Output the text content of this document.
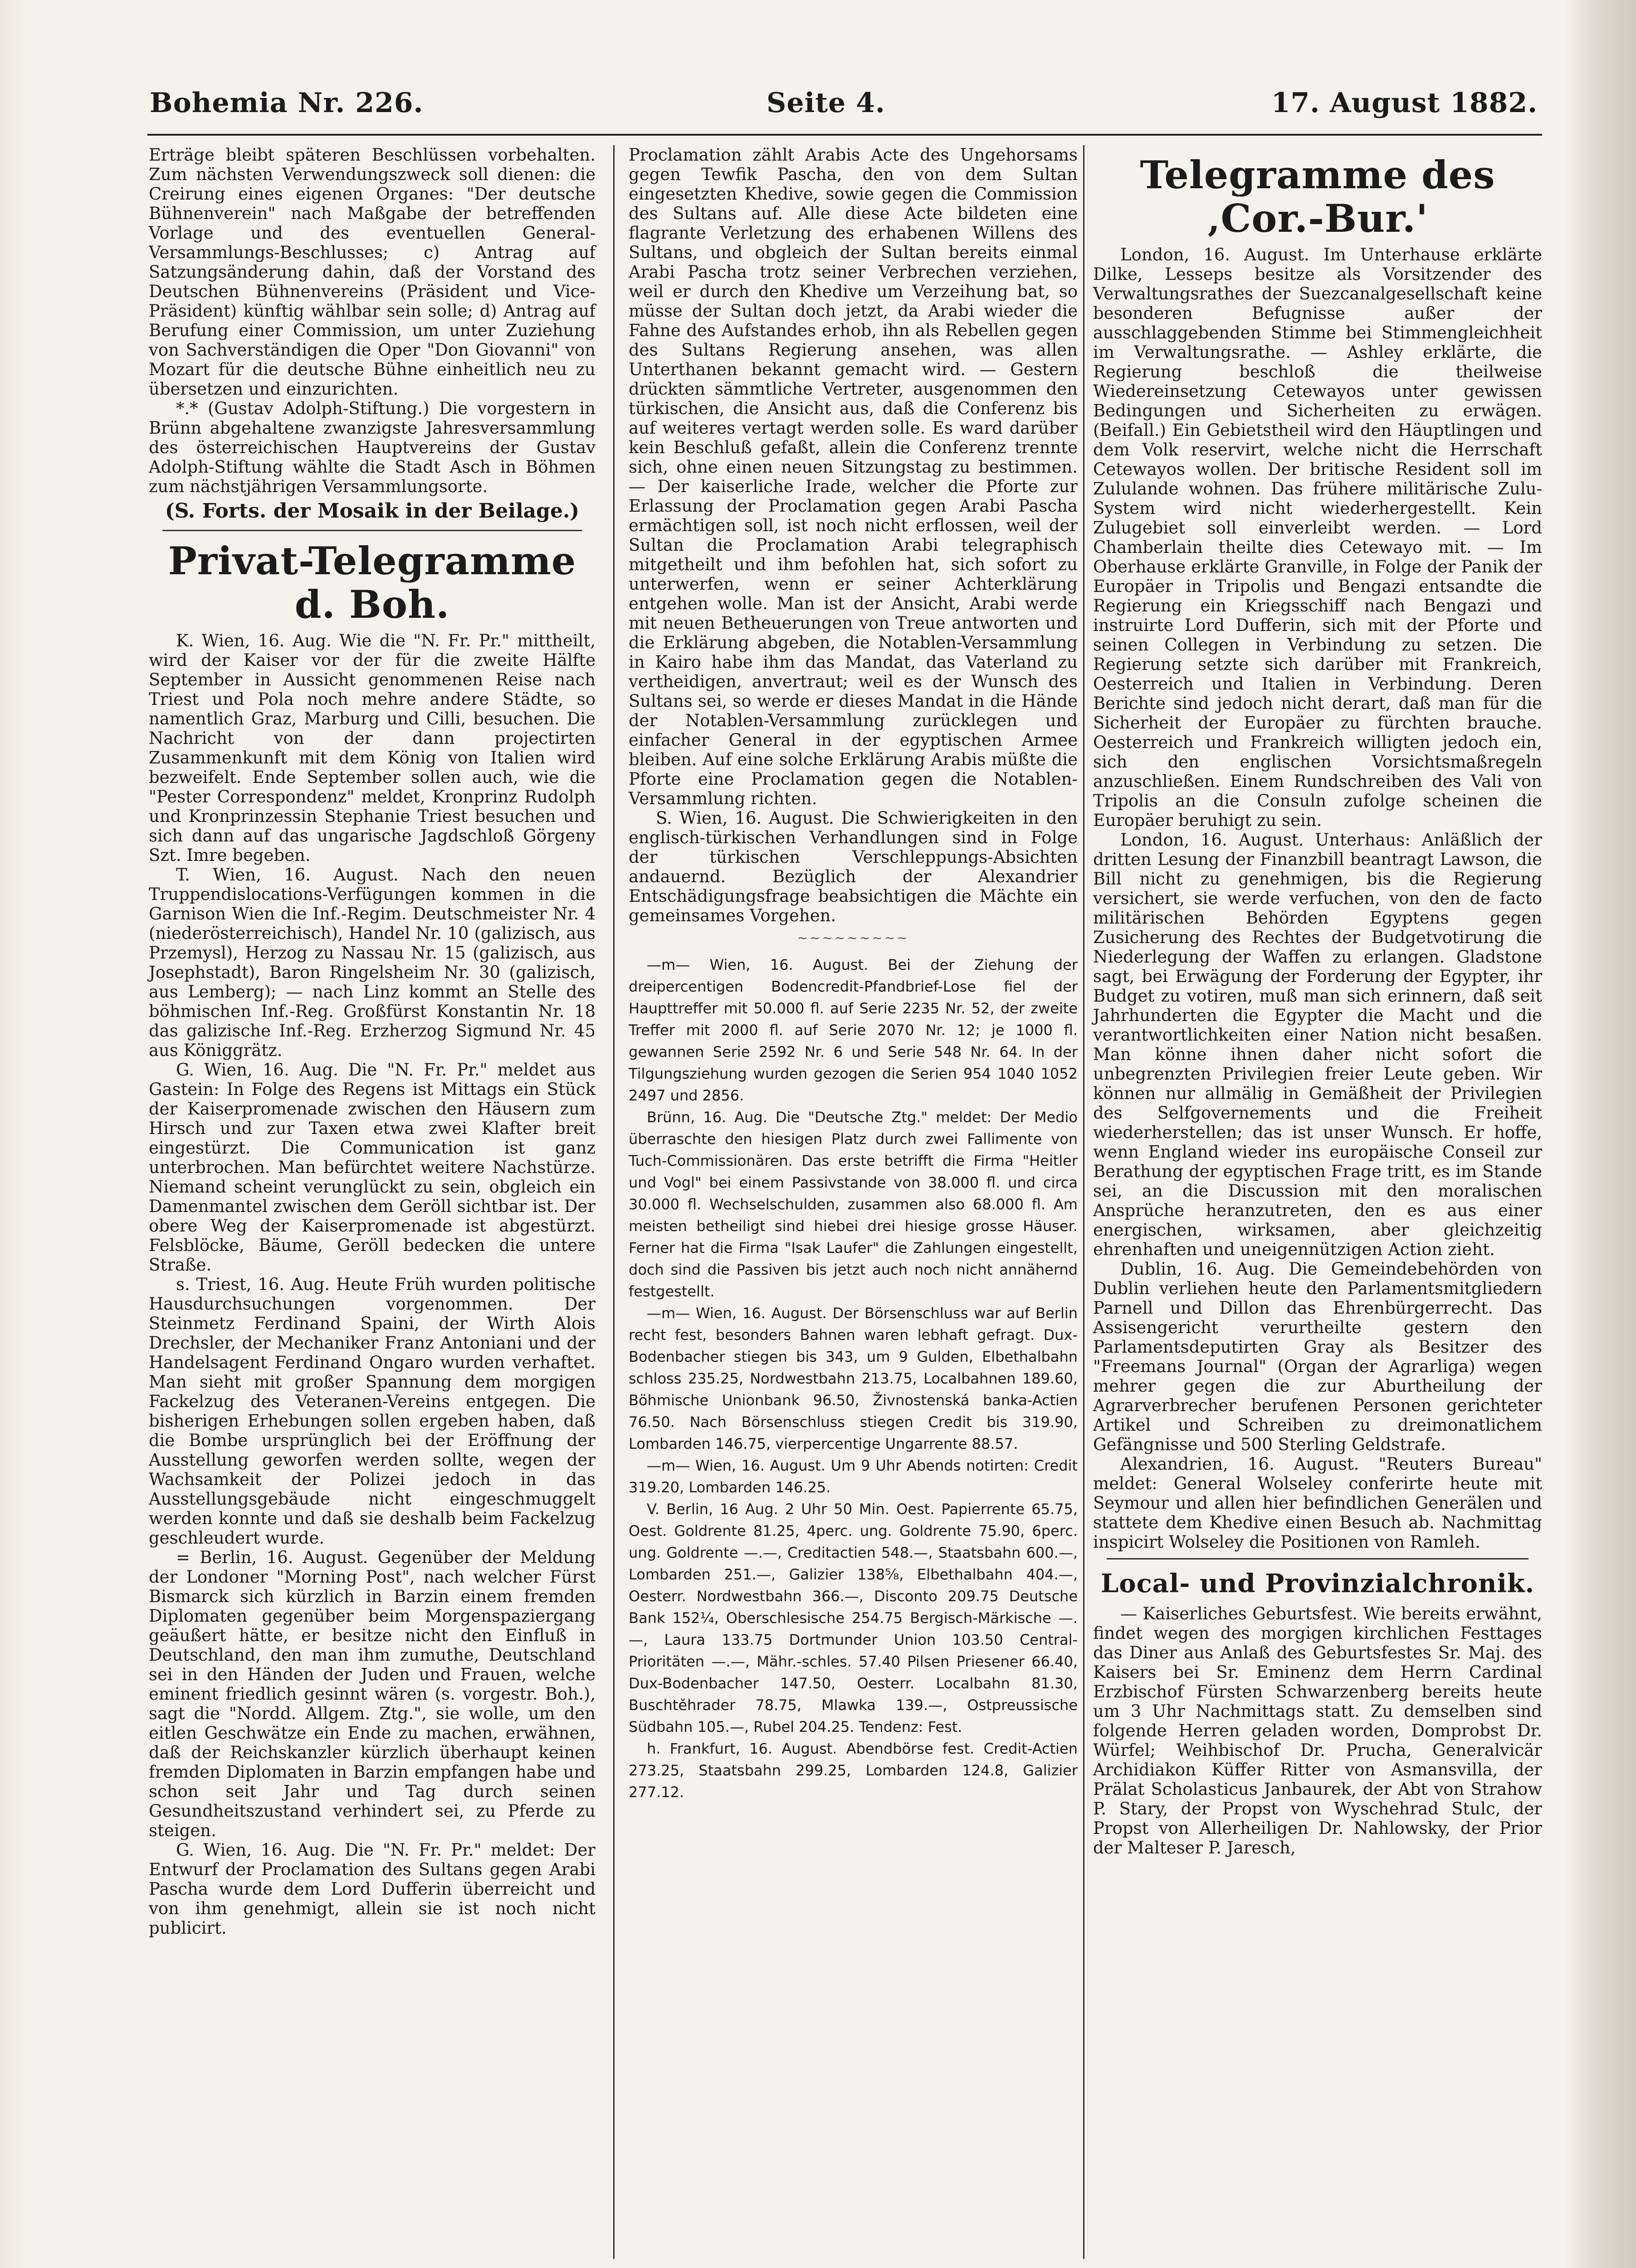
Bohemia Nr. 226.	Seite 4.	17. August 1882.

Erträge bleibt späteren Beschlüssen vorbehalten. Zum nächsten Verwendungszweck soll dienen: die Creirung eines eigenen Organes: "Der deutsche Bühnenverein" nach Maßgabe der betreffenden Vorlage und des eventuellen General-Versammlungs-Beschlusses; c) Antrag auf Satzungsänderung dahin, daß der Vorstand des Deutschen Bühnenvereins (Präsident und Vice-Präsident) künftig wählbar sein solle; d) Antrag auf Berufung einer Commission, um unter Zuziehung von Sachverständigen die Oper "Don Giovanni" von Mozart für die deutsche Bühne einheitlich neu zu übersetzen und einzurichten.

*.* (Gustav Adolph-Stiftung.) Die vorgestern in Brünn abgehaltene zwanzigste Jahresversammlung des österreichischen Hauptvereins der Gustav Adolph-Stiftung wählte die Stadt Asch in Böhmen zum nächstjährigen Versammlungsorte.

(S. Forts. der Mosaik in der Beilage.)
Privat-Telegramme d. Boh.

K. Wien, 16. Aug. Wie die "N. Fr. Pr." mittheilt, wird der Kaiser vor der für die zweite Hälfte September in Aussicht genommenen Reise nach Triest und Pola noch mehre andere Städte, so namentlich Graz, Marburg und Cilli, besuchen. Die Nachricht von der dann projectirten Zusammenkunft mit dem König von Italien wird bezweifelt. Ende September sollen auch, wie die "Pester Correspondenz" meldet, Kronprinz Rudolph und Kronprinzessin Stephanie Triest besuchen und sich dann auf das ungarische Jagdschloß Görgeny Szt. Imre begeben.

T. Wien, 16. August. Nach den neuen Truppendislocations-Verfügungen kommen in die Garnison Wien die Inf.-Regim. Deutschmeister Nr. 4 (niederösterreichisch), Handel Nr. 10 (galizisch, aus Przemysl), Herzog zu Nassau Nr. 15 (galizisch, aus Josephstadt), Baron Ringelsheim Nr. 30 (galizisch, aus Lemberg); — nach Linz kommt an Stelle des böhmischen Inf.-Reg. Großfürst Konstantin Nr. 18 das galizische Inf.-Reg. Erzherzog Sigmund Nr. 45 aus Königgrätz.

G. Wien, 16. Aug. Die "N. Fr. Pr." meldet aus Gastein: In Folge des Regens ist Mittags ein Stück der Kaiserpromenade zwischen den Häusern zum Hirsch und zur Taxen etwa zwei Klafter breit eingestürzt. Die Communication ist ganz unterbrochen. Man befürchtet weitere Nachstürze. Niemand scheint verunglückt zu sein, obgleich ein Damenmantel zwischen dem Geröll sichtbar ist. Der obere Weg der Kaiserpromenade ist abgestürzt. Felsblöcke, Bäume, Geröll bedecken die untere Straße.

s. Triest, 16. Aug. Heute Früh wurden politische Hausdurchsuchungen vorgenommen. Der Steinmetz Ferdinand Spaini, der Wirth Alois Drechsler, der Mechaniker Franz Antoniani und der Handelsagent Ferdinand Ongaro wurden verhaftet. Man sieht mit großer Spannung dem morgigen Fackelzug des Veteranen-Vereins entgegen. Die bisherigen Erhebungen sollen ergeben haben, daß die Bombe ursprünglich bei der Eröffnung der Ausstellung geworfen werden sollte, wegen der Wachsamkeit der Polizei jedoch in das Ausstellungsgebäude nicht eingeschmuggelt werden konnte und daß sie deshalb beim Fackelzug geschleudert wurde.

= Berlin, 16. August. Gegenüber der Meldung der Londoner "Morning Post", nach welcher Fürst Bismarck sich kürzlich in Barzin einem fremden Diplomaten gegenüber beim Morgenspaziergang geäußert hätte, er besitze nicht den Einfluß in Deutschland, den man ihm zumuthe, Deutschland sei in den Händen der Juden und Frauen, welche eminent friedlich gesinnt wären (s. vorgestr. Boh.), sagt die "Nordd. Allgem. Ztg.", sie wolle, um den eitlen Geschwätze ein Ende zu machen, erwähnen, daß der Reichskanzler kürzlich überhaupt keinen fremden Diplomaten in Barzin empfangen habe und schon seit Jahr und Tag durch seinen Gesundheitszustand verhindert sei, zu Pferde zu steigen.

G. Wien, 16. Aug. Die "N. Fr. Pr." meldet: Der Entwurf der Proclamation des Sultans gegen Arabi Pascha wurde dem Lord Dufferin überreicht und von ihm genehmigt, allein sie ist noch nicht publicirt.

Proclamation zählt Arabis Acte des Ungehorsams gegen Tewfik Pascha, den von dem Sultan eingesetzten Khedive, sowie gegen die Commission des Sultans auf. Alle diese Acte bildeten eine flagrante Verletzung des erhabenen Willens des Sultans, und obgleich der Sultan bereits einmal Arabi Pascha trotz seiner Verbrechen verziehen, weil er durch den Khedive um Verzeihung bat, so müsse der Sultan doch jetzt, da Arabi wieder die Fahne des Aufstandes erhob, ihn als Rebellen gegen des Sultans Regierung ansehen, was allen Unterthanen bekannt gemacht wird. — Gestern drückten sämmtliche Vertreter, ausgenommen den türkischen, die Ansicht aus, daß die Conferenz bis auf weiteres vertagt werden solle. Es ward darüber kein Beschluß gefaßt, allein die Conferenz trennte sich, ohne einen neuen Sitzungstag zu bestimmen. — Der kaiserliche Irade, welcher die Pforte zur Erlassung der Proclamation gegen Arabi Pascha ermächtigen soll, ist noch nicht erflossen, weil der Sultan die Proclamation Arabi telegraphisch mitgetheilt und ihm befohlen hat, sich sofort zu unterwerfen, wenn er seiner Achterklärung entgehen wolle. Man ist der Ansicht, Arabi werde mit neuen Betheuerungen von Treue antworten und die Erklärung abgeben, die Notablen-Versammlung in Kairo habe ihm das Mandat, das Vaterland zu vertheidigen, anvertraut; weil es der Wunsch des Sultans sei, so werde er dieses Mandat in die Hände der Notablen-Versammlung zurücklegen und einfacher General in der egyptischen Armee bleiben. Auf eine solche Erklärung Arabis müßte die Pforte eine Proclamation gegen die Notablen-Versammlung richten.

S. Wien, 16. August. Die Schwierigkeiten in den englisch-türkischen Verhandlungen sind in Folge der türkischen Verschleppungs-Absichten andauernd. Bezüglich der Alexandrier Entschädigungsfrage beabsichtigen die Mächte ein gemeinsames Vorgehen.

~~~~~~~~~

—m— Wien, 16. August. Bei der Ziehung der dreipercentigen Bodencredit-Pfandbrief-Lose fiel der Haupttreffer mit 50.000 fl. auf Serie 2235 Nr. 52, der zweite Treffer mit 2000 fl. auf Serie 2070 Nr. 12; je 1000 fl. gewannen Serie 2592 Nr. 6 und Serie 548 Nr. 64. In der Tilgungsziehung wurden gezogen die Serien 954 1040 1052 2497 und 2856.

Brünn, 16. Aug. Die "Deutsche Ztg." meldet: Der Medio überraschte den hiesigen Platz durch zwei Fallimente von Tuch-Commissionären. Das erste betrifft die Firma "Heitler und Vogl" bei einem Passivstande von 38.000 fl. und circa 30.000 fl. Wechselschulden, zusammen also 68.000 fl. Am meisten betheiligt sind hiebei drei hiesige grosse Häuser. Ferner hat die Firma "Isak Laufer" die Zahlungen eingestellt, doch sind die Passiven bis jetzt auch noch nicht annähernd festgestellt.

—m— Wien, 16. August. Der Börsenschluss war auf Berlin recht fest, besonders Bahnen waren lebhaft gefragt. Dux-Bodenbacher stiegen bis 343, um 9 Gulden, Elbethalbahn schloss 235.25, Nordwestbahn 213.75, Localbahnen 189.60, Böhmische Unionbank 96.50, Živnostenská banka-Actien 76.50. Nach Börsenschluss stiegen Credit bis 319.90, Lombarden 146.75, vierpercentige Ungarrente 88.57.

—m— Wien, 16. August. Um 9 Uhr Abends notirten: Credit 319.20, Lombarden 146.25.

V. Berlin, 16 Aug. 2 Uhr 50 Min. Oest. Papierrente 65.75, Oest. Goldrente 81.25, 4perc. ung. Goldrente 75.90, 6perc. ung. Goldrente —.—, Creditactien 548.—, Staatsbahn 600.—, Lombarden 251.—, Galizier 138⅝, Elbethalbahn 404.—, Oesterr. Nordwestbahn 366.—, Disconto 209.75 Deutsche Bank 152¼, Oberschlesische 254.75 Bergisch-Märkische —.—, Laura 133.75 Dortmunder Union 103.50 Central-Prioritäten —.—, Mähr.-schles. 57.40 Pilsen Priesener 66.40, Dux-Bodenbacher 147.50, Oesterr. Localbahn 81.30, Buschtěhrader 78.75, Mlawka 139.—, Ostpreussische Südbahn 105.—, Rubel 204.25. Tendenz: Fest.

h. Frankfurt, 16. August. Abendbörse fest. Credit-Actien 273.25, Staatsbahn 299.25, Lombarden 124.8, Galizier 277.12.

Telegramme des ‚Cor.-Bur.'

London, 16. August. Im Unterhause erklärte Dilke, Lesseps besitze als Vorsitzender des Verwaltungsrathes der Suezcanalgesellschaft keine besonderen Befugnisse außer der ausschlaggebenden Stimme bei Stimmengleichheit im Verwaltungsrathe. — Ashley erklärte, die Regierung beschloß die theilweise Wiedereinsetzung Cetewayos unter gewissen Bedingungen und Sicherheiten zu erwägen. (Beifall.) Ein Gebietstheil wird den Häuptlingen und dem Volk reservirt, welche nicht die Herrschaft Cetewayos wollen. Der britische Resident soll im Zululande wohnen. Das frühere militärische Zulu-System wird nicht wiederhergestellt. Kein Zulugebiet soll einverleibt werden. — Lord Chamberlain theilte dies Cetewayo mit. — Im Oberhause erklärte Granville, in Folge der Panik der Europäer in Tripolis und Bengazi entsandte die Regierung ein Kriegsschiff nach Bengazi und instruirte Lord Dufferin, sich mit der Pforte und seinen Collegen in Verbindung zu setzen. Die Regierung setzte sich darüber mit Frankreich, Oesterreich und Italien in Verbindung. Deren Berichte sind jedoch nicht derart, daß man für die Sicherheit der Europäer zu fürchten brauche. Oesterreich und Frankreich willigten jedoch ein, sich den englischen Vorsichtsmaßregeln anzuschließen. Einem Rundschreiben des Vali von Tripolis an die Consuln zufolge scheinen die Europäer beruhigt zu sein.

London, 16. August. Unterhaus: Anläßlich der dritten Lesung der Finanzbill beantragt Lawson, die Bill nicht zu genehmigen, bis die Regierung versichert, sie werde verfuchen, von den de facto militärischen Behörden Egyptens gegen Zusicherung des Rechtes der Budgetvotirung die Niederlegung der Waffen zu erlangen. Gladstone sagt, bei Erwägung der Forderung der Egypter, ihr Budget zu votiren, muß man sich erinnern, daß seit Jahrhunderten die Egypter die Macht und die verantwortlichkeiten einer Nation nicht besaßen. Man könne ihnen daher nicht sofort die unbegrenzten Privilegien freier Leute geben. Wir können nur allmälig in Gemäßheit der Privilegien des Selfgovernements und die Freiheit wiederherstellen; das ist unser Wunsch. Er hoffe, wenn England wieder ins europäische Conseil zur Berathung der egyptischen Frage tritt, es im Stande sei, an die Discussion mit den moralischen Ansprüche heranzutreten, den es aus einer energischen, wirksamen, aber gleichzeitig ehrenhaften und uneigennützigen Action zieht.

Dublin, 16. Aug. Die Gemeindebehörden von Dublin verliehen heute den Parlamentsmitgliedern Parnell und Dillon das Ehrenbürgerrecht. Das Assisengericht verurtheilte gestern den Parlamentsdeputirten Gray als Besitzer des "Freemans Journal" (Organ der Agrarliga) wegen mehrer gegen die zur Aburtheilung der Agrarverbrecher berufenen Personen gerichteter Artikel und Schreiben zu dreimonatlichem Gefängnisse und 500 Sterling Geldstrafe.

Alexandrien, 16. August. "Reuters Bureau" meldet: General Wolseley conferirte heute mit Seymour und allen hier befindlichen Generälen und stattete dem Khedive einen Besuch ab. Nachmittag inspicirt Wolseley die Positionen von Ramleh.

Local- und Provinzialchronik.

— Kaiserliches Geburtsfest. Wie bereits erwähnt, findet wegen des morgigen kirchlichen Festtages das Diner aus Anlaß des Geburtsfestes Sr. Maj. des Kaisers bei Sr. Eminenz dem Herrn Cardinal Erzbischof Fürsten Schwarzenberg bereits heute um 3 Uhr Nachmittags statt. Zu demselben sind folgende Herren geladen worden, Domprobst Dr. Würfel; Weihbischof Dr. Prucha, Generalvicär Archidiakon Küffer Ritter von Asmansvilla, der Prälat Scholasticus Janbaurek, der Abt von Strahow P. Stary, der Propst von Wyschehrad Stulc, der Propst von Allerheiligen Dr. Nahlowsky, der Prior der Malteser P. Jaresch,
